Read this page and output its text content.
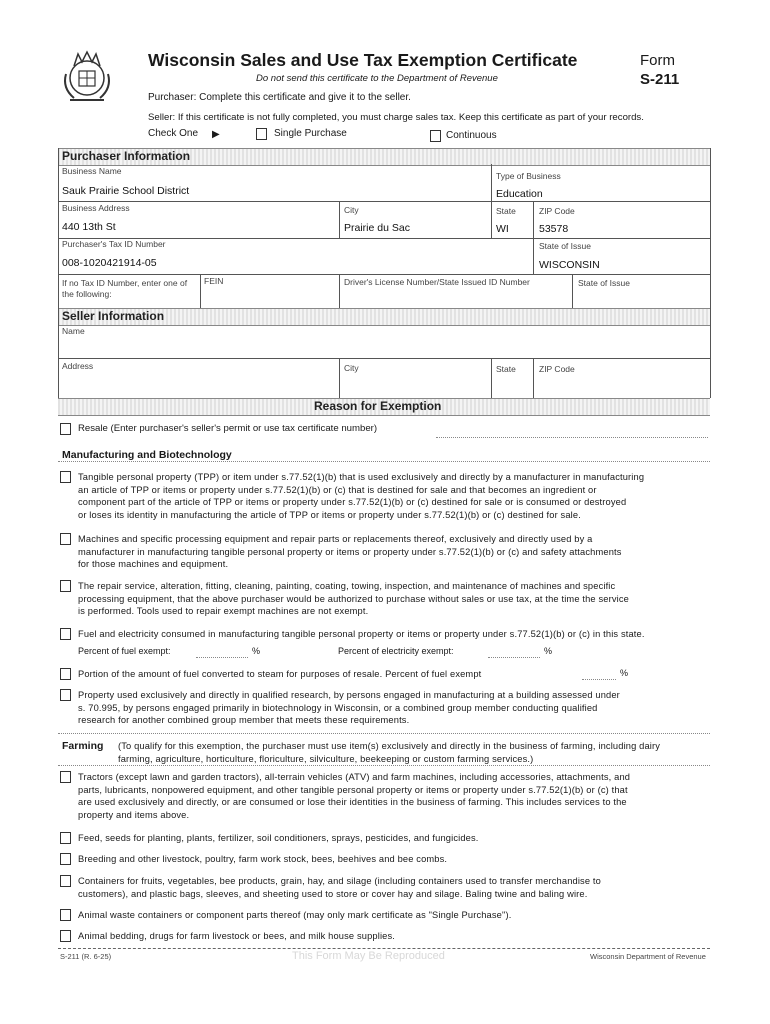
Wisconsin Sales and Use Tax Exemption Certificate
Do not send this certificate to the Department of Revenue
Form
S-211
Purchaser: Complete this certificate and give it to the seller.
Seller: If this certificate is not fully completed, you must charge sales tax. Keep this certificate as part of your records.
Check One ▶	Single Purchase	Continuous
Purchaser Information
Business Name
Sauk Prairie School District
Type of Business
Education
Business Address
440 13th St
City
Prairie du Sac
State
WI
ZIP Code
53578
Purchaser's Tax ID Number
008-1020421914-05
State of Issue
WISCONSIN
If no Tax ID Number, enter one of the following:
FEIN	Driver's License Number/State Issued ID Number	State of Issue
Seller Information
Name
Address	City	State	ZIP Code
Reason for Exemption
Resale (Enter purchaser's seller's permit or use tax certificate number)
Manufacturing and Biotechnology
Tangible personal property (TPP) or item under s.77.52(1)(b) that is used exclusively and directly by a manufacturer in manufacturing
an article of TPP or items or property under s.77.52(1)(b) or (c) that is destined for sale and that becomes an ingredient or
component part of the article of TPP or items or property under s.77.52(1)(b) or (c) destined for sale or is consumed or destroyed
or loses its identity in manufacturing the article of TPP or items or property under s.77.52(1)(b) or (c) destined for sale.
Machines and specific processing equipment and repair parts or replacements thereof, exclusively and directly used by a
manufacturer in manufacturing tangible personal property or items or property under s.77.52(1)(b) or (c) and safety attachments
for those machines and equipment.
The repair service, alteration, fitting, cleaning, painting, coating, towing, inspection, and maintenance of machines and specific
processing equipment, that the above purchaser would be authorized to purchase without sales or use tax, at the time the service
is performed. Tools used to repair exempt machines are not exempt.
Fuel and electricity consumed in manufacturing tangible personal property or items or property under s.77.52(1)(b) or (c) in this state.
Percent of fuel exempt:	%	Percent of electricity exempt:	%
Portion of the amount of fuel converted to steam for purposes of resale. Percent of fuel exempt	%
Property used exclusively and directly in qualified research, by persons engaged in manufacturing at a building assessed under
s. 70.995, by persons engaged primarily in biotechnology in Wisconsin, or a combined group member conducting qualified
research for another combined group member that meets these requirements.
Farming (To qualify for this exemption, the purchaser must use item(s) exclusively and directly in the business of farming, including dairy
farming, agriculture, horticulture, floriculture, silviculture, beekeeping or custom farming services.)
Tractors (except lawn and garden tractors), all-terrain vehicles (ATV) and farm machines, including accessories, attachments, and
parts, lubricants, nonpowered equipment, and other tangible personal property or items or property under s.77.52(1)(b) or (c) that
are used exclusively and directly, or are consumed or lose their identities in the business of farming. This includes services to the
property and items above.
Feed, seeds for planting, plants, fertilizer, soil conditioners, sprays, pesticides, and fungicides.
Breeding and other livestock, poultry, farm work stock, bees, beehives and bee combs.
Containers for fruits, vegetables, bee products, grain, hay, and silage (including containers used to transfer merchandise to
customers), and plastic bags, sleeves, and sheeting used to store or cover hay and silage. Baling twine and baling wire.
Animal waste containers or component parts thereof (may only mark certificate as "Single Purchase").
Animal bedding, drugs for farm livestock or bees, and milk house supplies.
S-211 (R. 6-25)	This Form May Be Reproduced	Wisconsin Department of Revenue
